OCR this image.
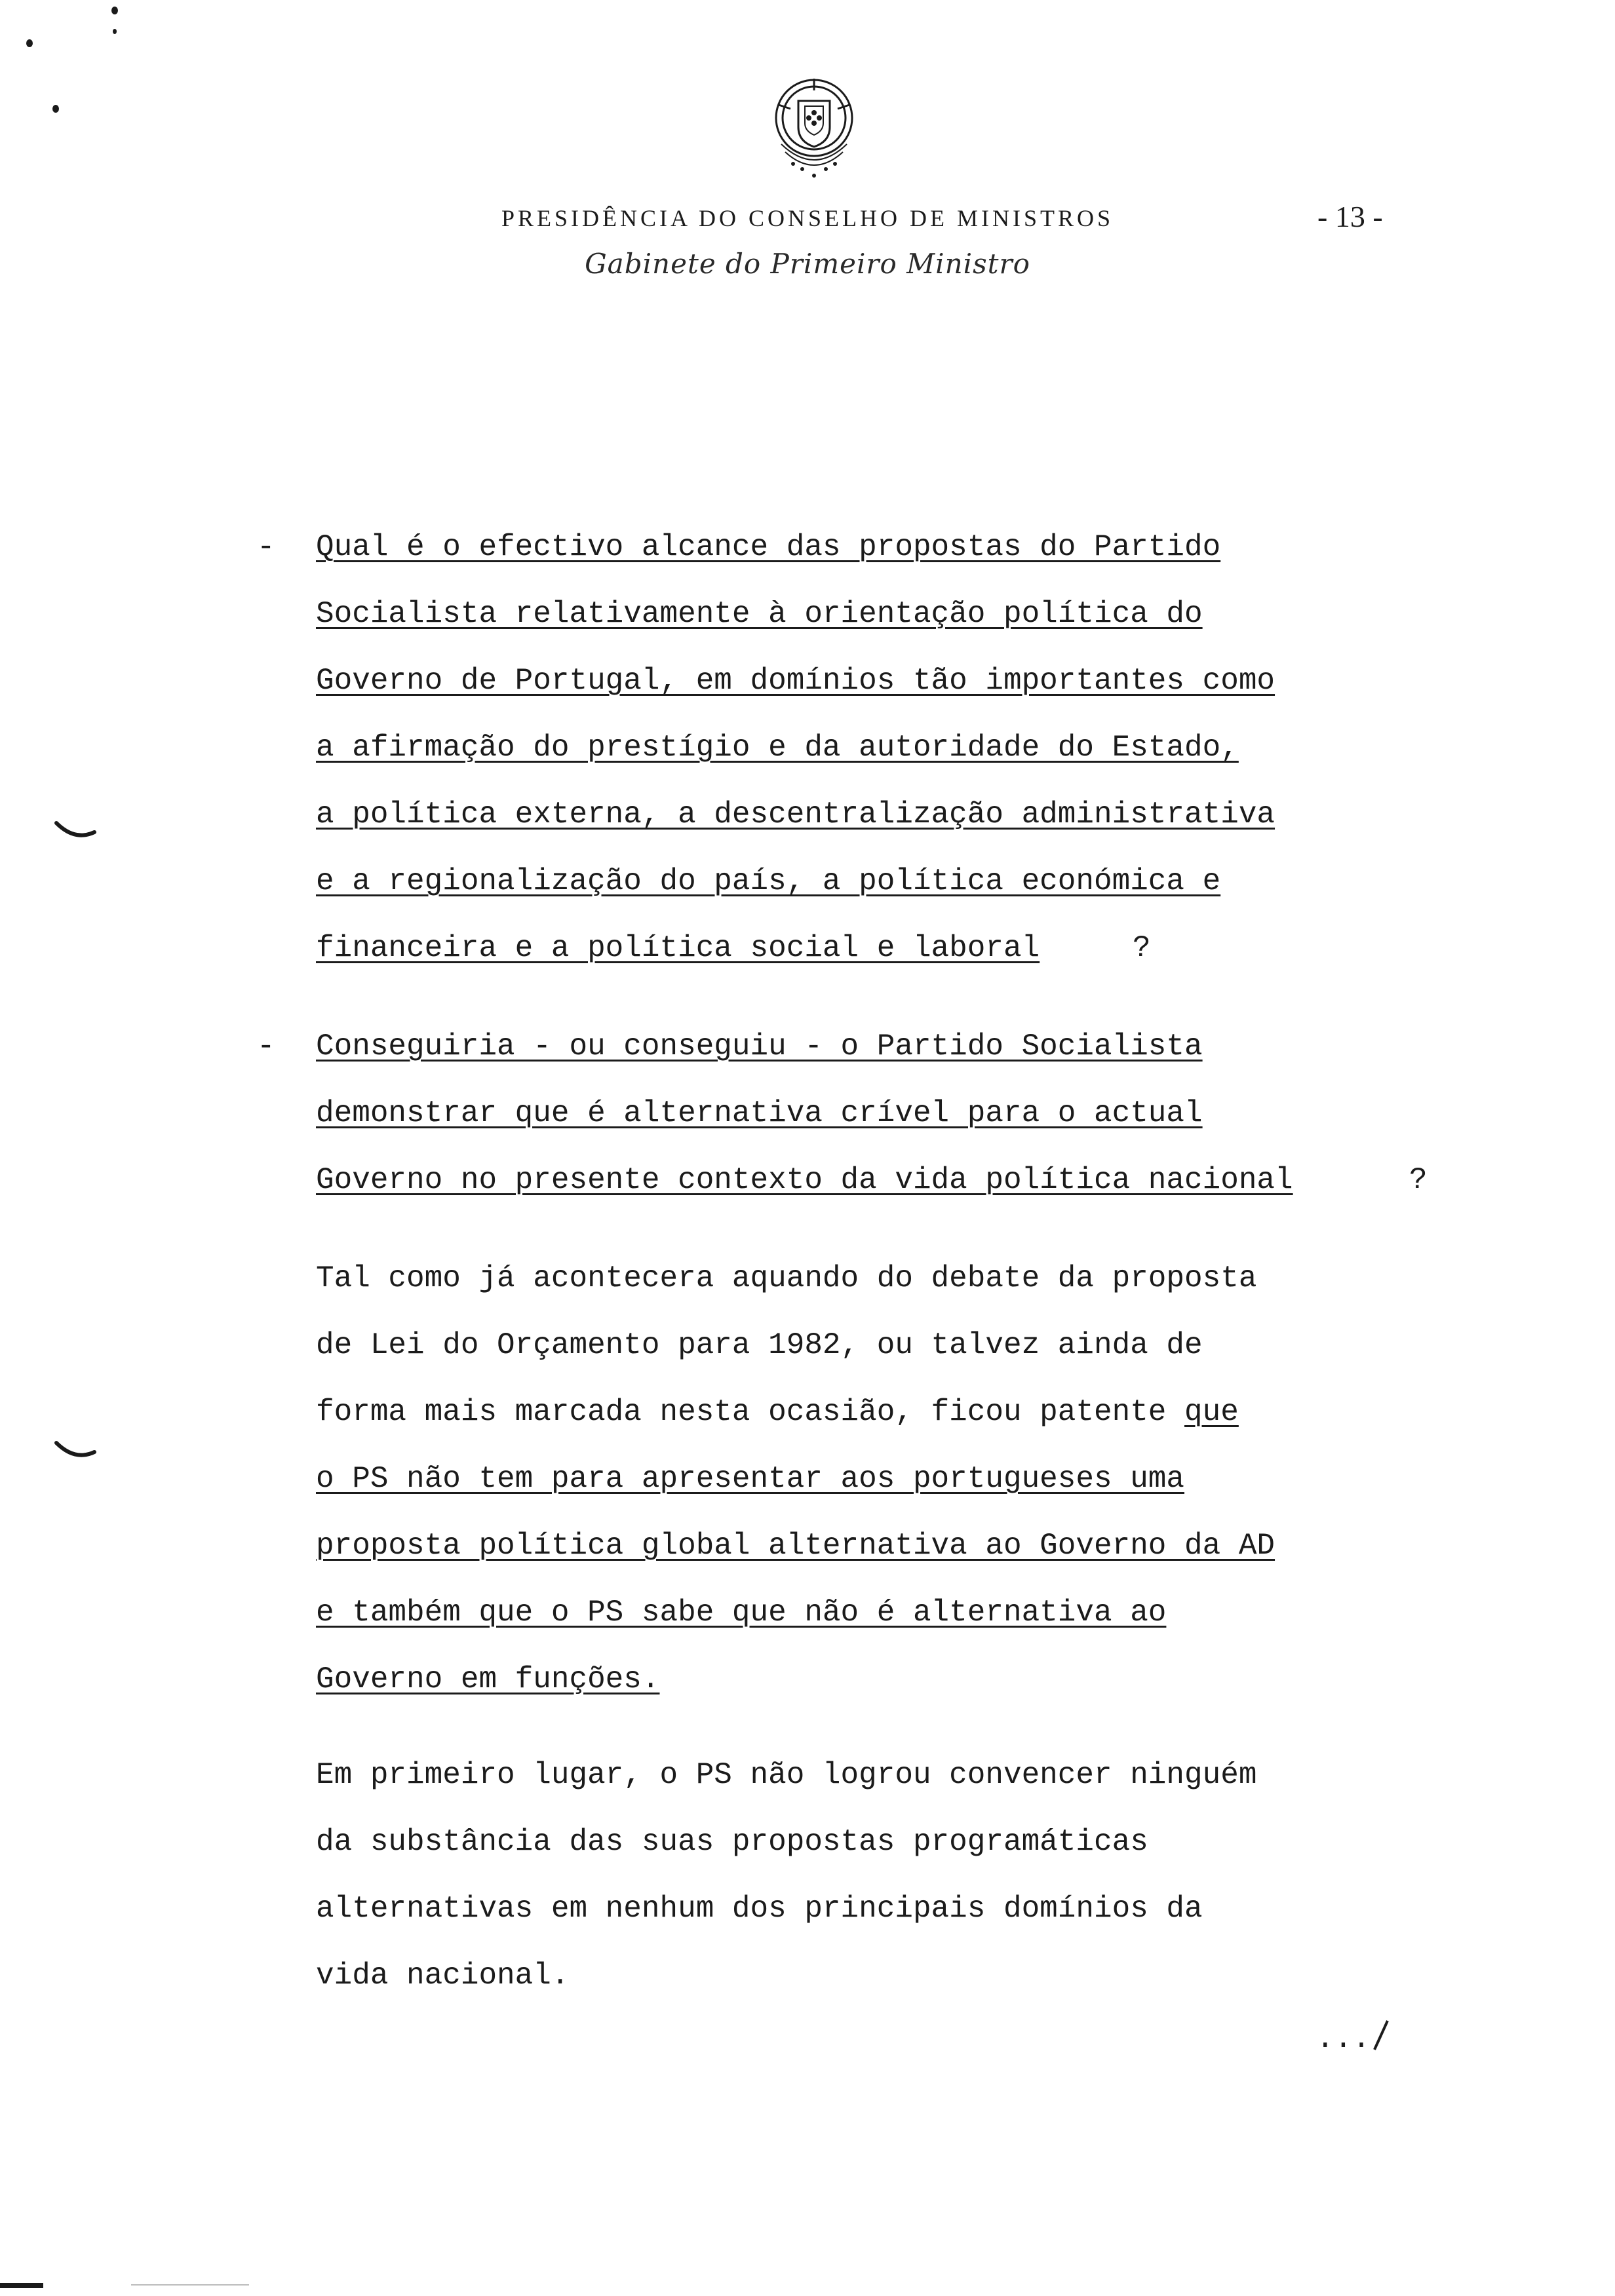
PRESIDÊNCIA DO CONSELHO DE MINISTROS	- 13 -
Gabinete do Primeiro Ministro
- Qual é o efectivo alcance das propostas do Partido
Socialista relativamente à orientação política do
Governo de Portugal, em domínios tão importantes como
a afirmação do prestígio e da autoridade do Estado,
a política externa, a descentralização administrativa
e a regionalização do país, a política económica e
financeira e a política social e laboral	?
- Conseguiria - ou conseguiu - o Partido Socialista
demonstrar que é alternativa crível para o actual
Governo no presente contexto da vida política nacional	?
Tal como já acontecera aquando do debate da proposta
de Lei do Orçamento para 1982, ou talvez ainda de
forma mais marcada nesta ocasião, ficou patente que
o PS não tem para apresentar aos portugueses uma
proposta política global alternativa ao Governo da AD
e também que o PS sabe que não é alternativa ao
Governo em funções.
Em primeiro lugar, o PS não logrou convencer ninguém
da substância das suas propostas programáticas
alternativas em nenhum dos principais domínios da
vida nacional.
...
